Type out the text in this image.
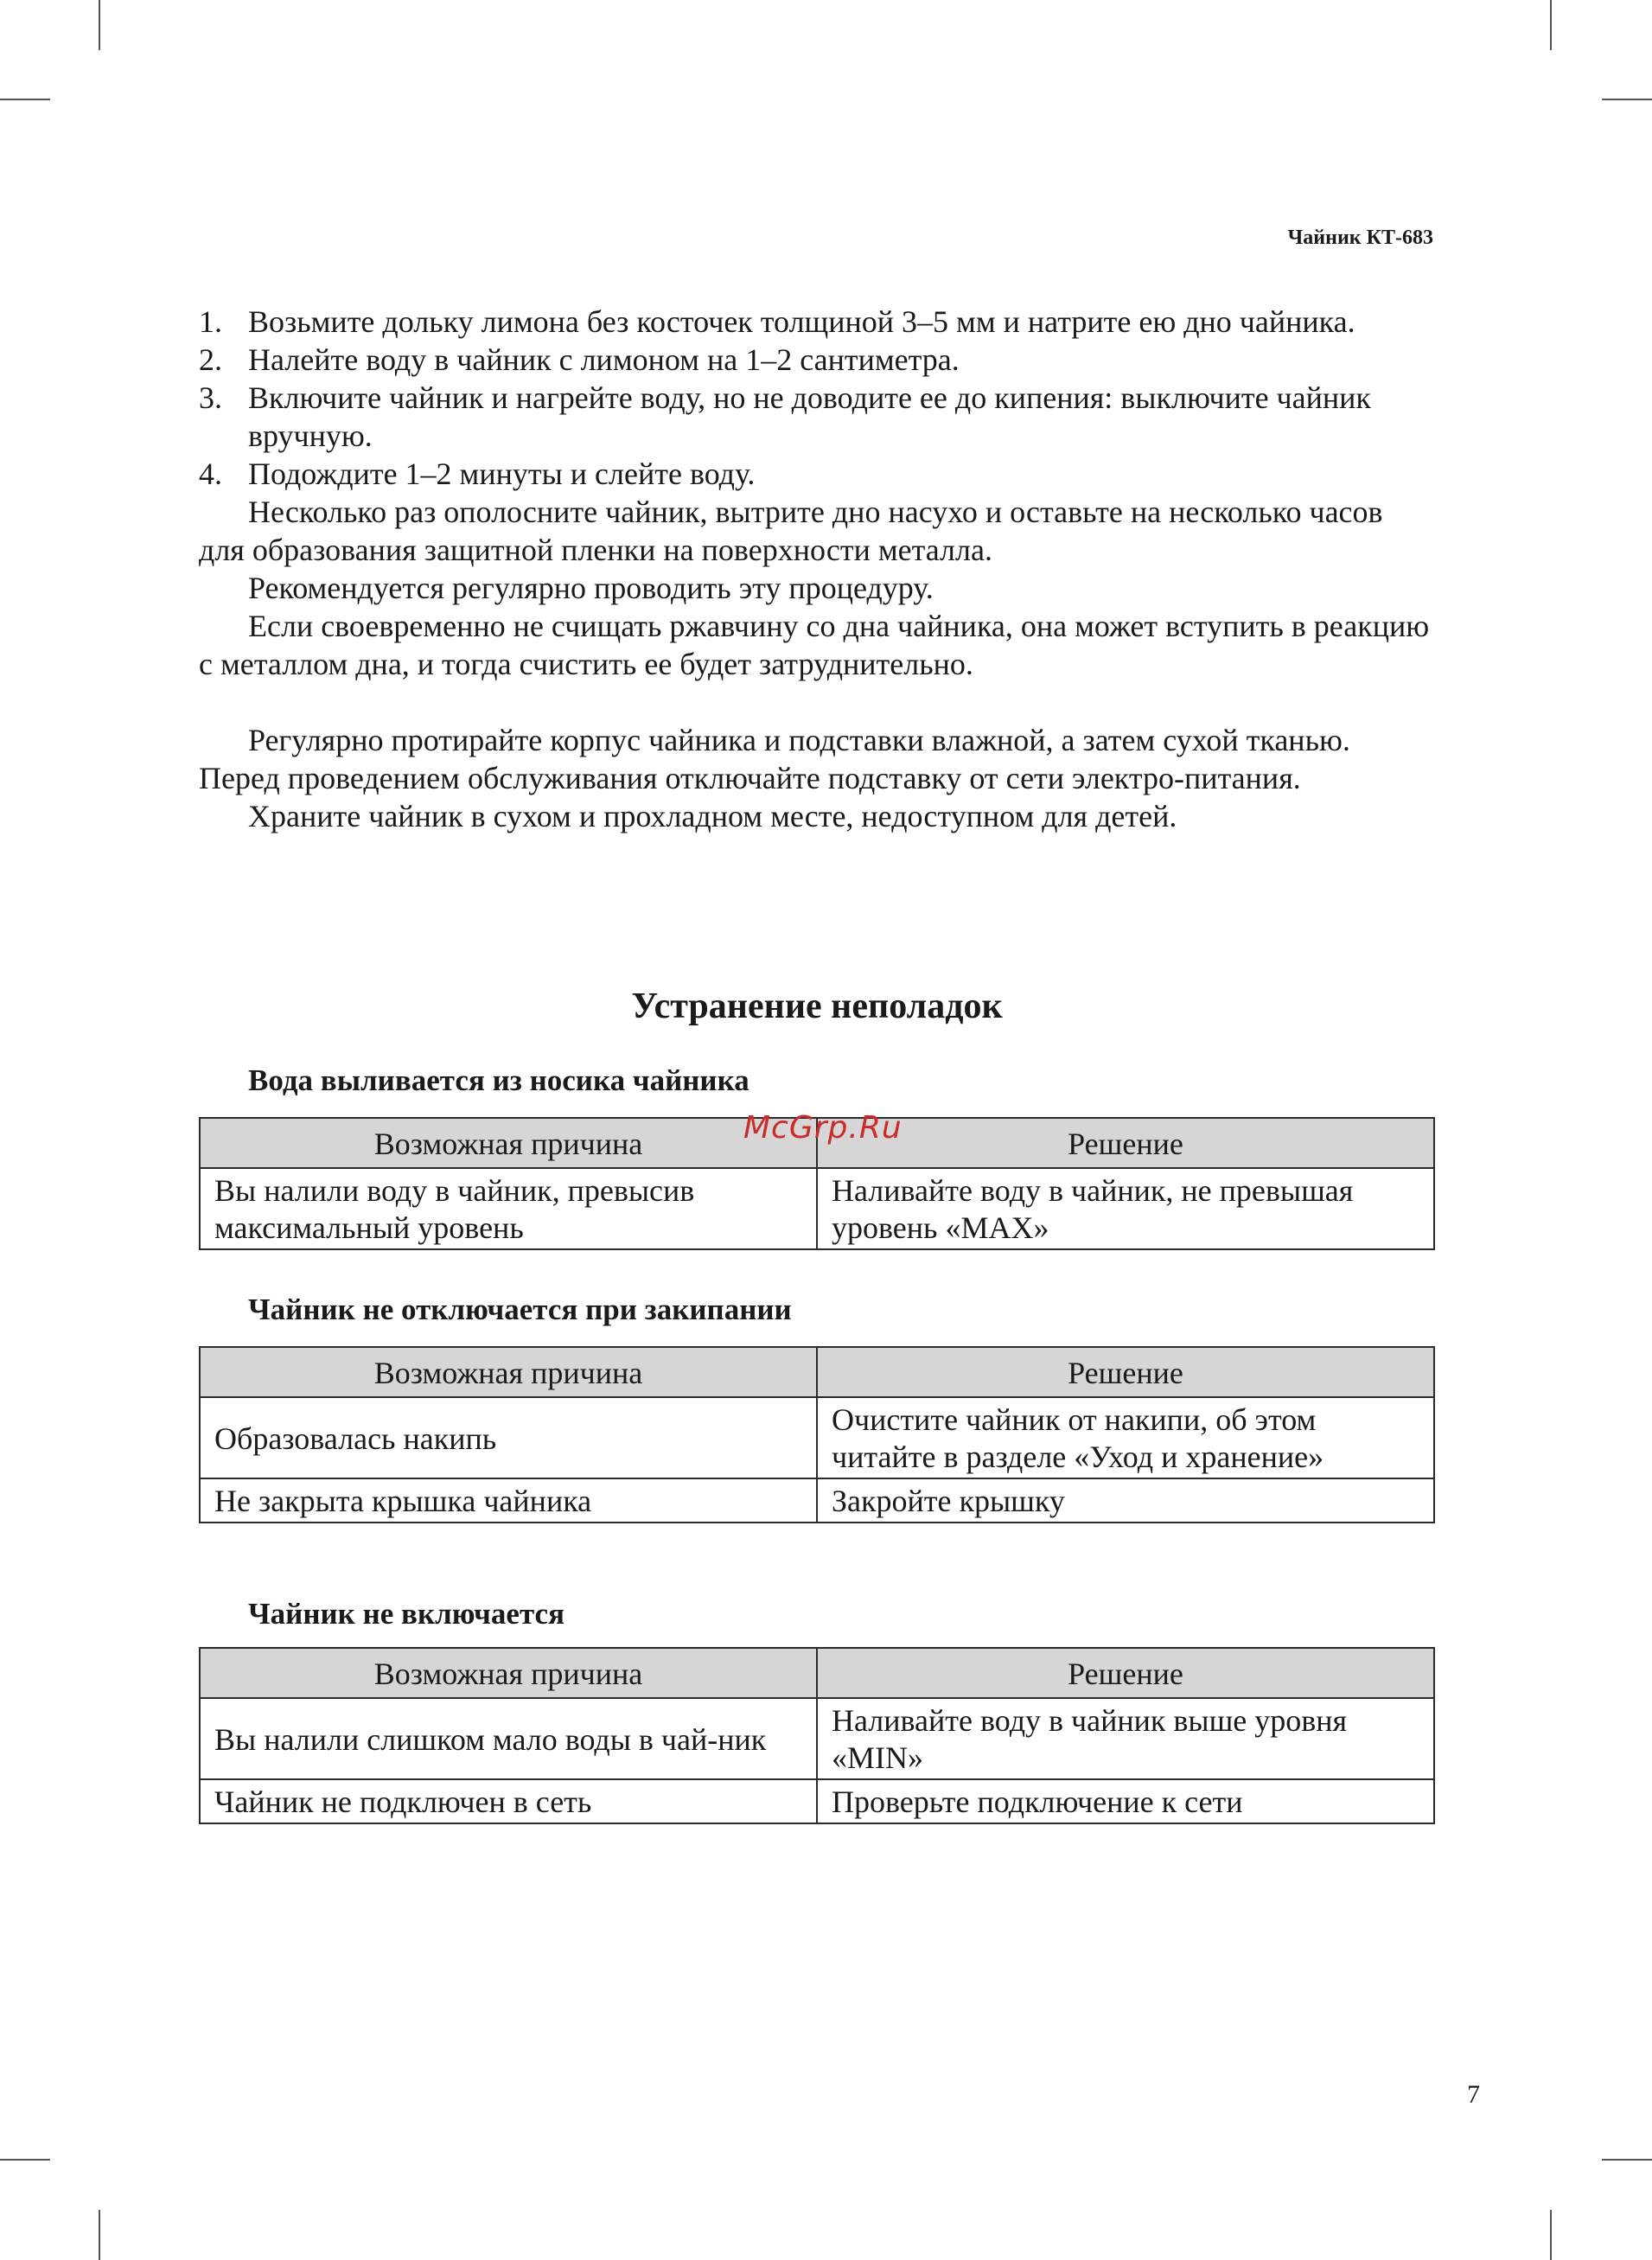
Чайник КТ-683

1. Возьмите дольку лимона без косточек толщиной 3–5 мм и натрите ею дно чайника.
2. Налейте воду в чайник с лимоном на 1–2 сантиметра.
3. Включите чайник и нагрейте воду, но не доводите ее до кипения: выключите чайник вручную.
4. Подождите 1–2 минуты и слейте воду.

Несколько раз ополосните чайник, вытрите дно насухо и оставьте на несколько часов для образования защитной пленки на поверхности металла.

Рекомендуется регулярно проводить эту процедуру.

Если своевременно не счищать ржавчину со дна чайника, она может вступить в реакцию с металлом дна, и тогда счистить ее будет затруднительно.

Регулярно протирайте корпус чайника и подставки влажной, а затем сухой тканью. Перед проведением обслуживания отключайте подставку от сети электро-питания.

Храните чайник в сухом и прохладном месте, недоступном для детей.

Устранение неполадок
Вода выливается из носика чайника
Возможная причина	Решение
Вы налили воду в чайник, превысив максимальный уровень	Наливайте воду в чайник, не превышая уровень «MAX»
Чайник не отключается при закипании
Возможная причина	Решение
Образовалась накипь	Очистите чайник от накипи, об этом читайте в разделе «Уход и хранение»
Не закрыта крышка чайника	Закройте крышку
Чайник не включается
Возможная причина	Решение
Вы налили слишком мало воды в чай-ник	Наливайте воду в чайник выше уровня «MIN»
Чайник не подключен в сеть	Проверьте подключение к сети
McGrp.Ru

7
